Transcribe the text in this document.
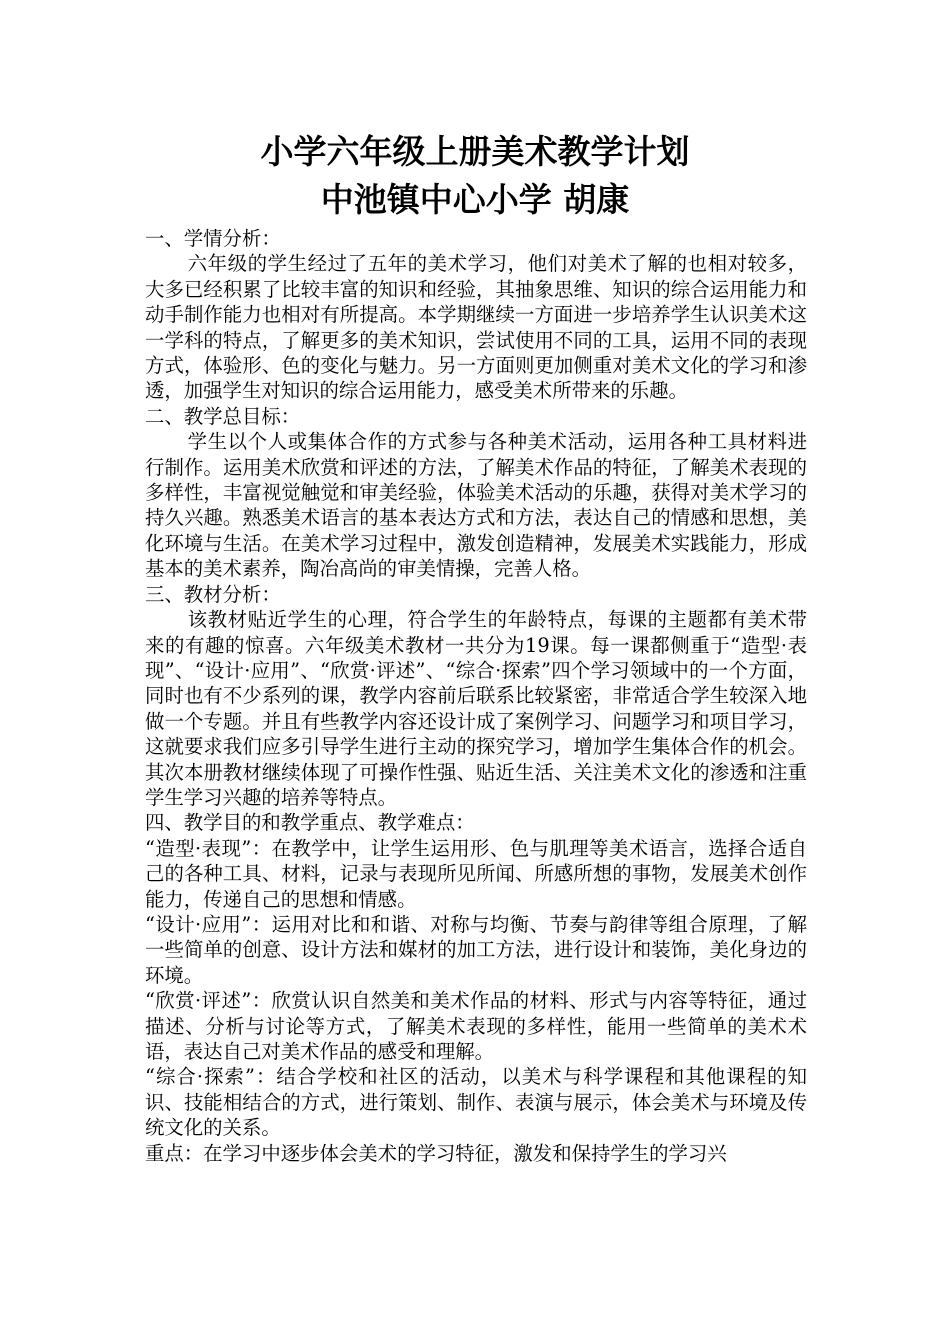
小学六年级上册美术教学计划
中池镇中心小学 胡康

一、学情分析：

六年级的学生经过了五年的美术学习，他们对美术了解的也相对较多，大多已经积累了比较丰富的知识和经验，其抽象思维、知识的综合运用能力和动手制作能力也相对有所提高。本学期继续一方面进一步培养学生认识美术这一学科的特点，了解更多的美术知识，尝试使用不同的工具，运用不同的表现方式，体验形、色的变化与魅力。另一方面则更加侧重对美术文化的学习和渗透，加强学生对知识的综合运用能力，感受美术所带来的乐趣。

二、教学总目标：

学生以个人或集体合作的方式参与各种美术活动，运用各种工具材料进行制作。运用美术欣赏和评述的方法，了解美术作品的特征，了解美术表现的多样性，丰富视觉触觉和审美经验，体验美术活动的乐趣，获得对美术学习的持久兴趣。熟悉美术语言的基本表达方式和方法，表达自己的情感和思想，美化环境与生活。在美术学习过程中，激发创造精神，发展美术实践能力，形成基本的美术素养，陶冶高尚的审美情操，完善人格。

三、教材分析：

该教材贴近学生的心理，符合学生的年龄特点，每课的主题都有美术带来的有趣的惊喜。六年级美术教材一共分为19课。每一课都侧重于“造型·表现”、“设计·应用”、“欣赏·评述”、“综合·探索”四个学习领域中的一个方面，同时也有不少系列的课，教学内容前后联系比较紧密，非常适合学生较深入地做一个专题。并且有些教学内容还设计成了案例学习、问题学习和项目学习，这就要求我们应多引导学生进行主动的探究学习，增加学生集体合作的机会。其次本册教材继续体现了可操作性强、贴近生活、关注美术文化的渗透和注重学生学习兴趣的培养等特点。

四、教学目的和教学重点、教学难点：

“造型·表现”：在教学中，让学生运用形、色与肌理等美术语言，选择合适自己的各种工具、材料，记录与表现所见所闻、所感所想的事物，发展美术创作能力，传递自己的思想和情感。

“设计·应用”：运用对比和和谐、对称与均衡、节奏与韵律等组合原理，了解一些简单的创意、设计方法和媒材的加工方法，进行设计和装饰，美化身边的环境。

“欣赏·评述”：欣赏认识自然美和美术作品的材料、形式与内容等特征，通过描述、分析与讨论等方式，了解美术表现的多样性，能用一些简单的美术术语，表达自己对美术作品的感受和理解。

“综合·探索”：结合学校和社区的活动，以美术与科学课程和其他课程的知识、技能相结合的方式，进行策划、制作、表演与展示，体会美术与环境及传统文化的关系。

重点：在学习中逐步体会美术的学习特征，激发和保持学生的学习兴
